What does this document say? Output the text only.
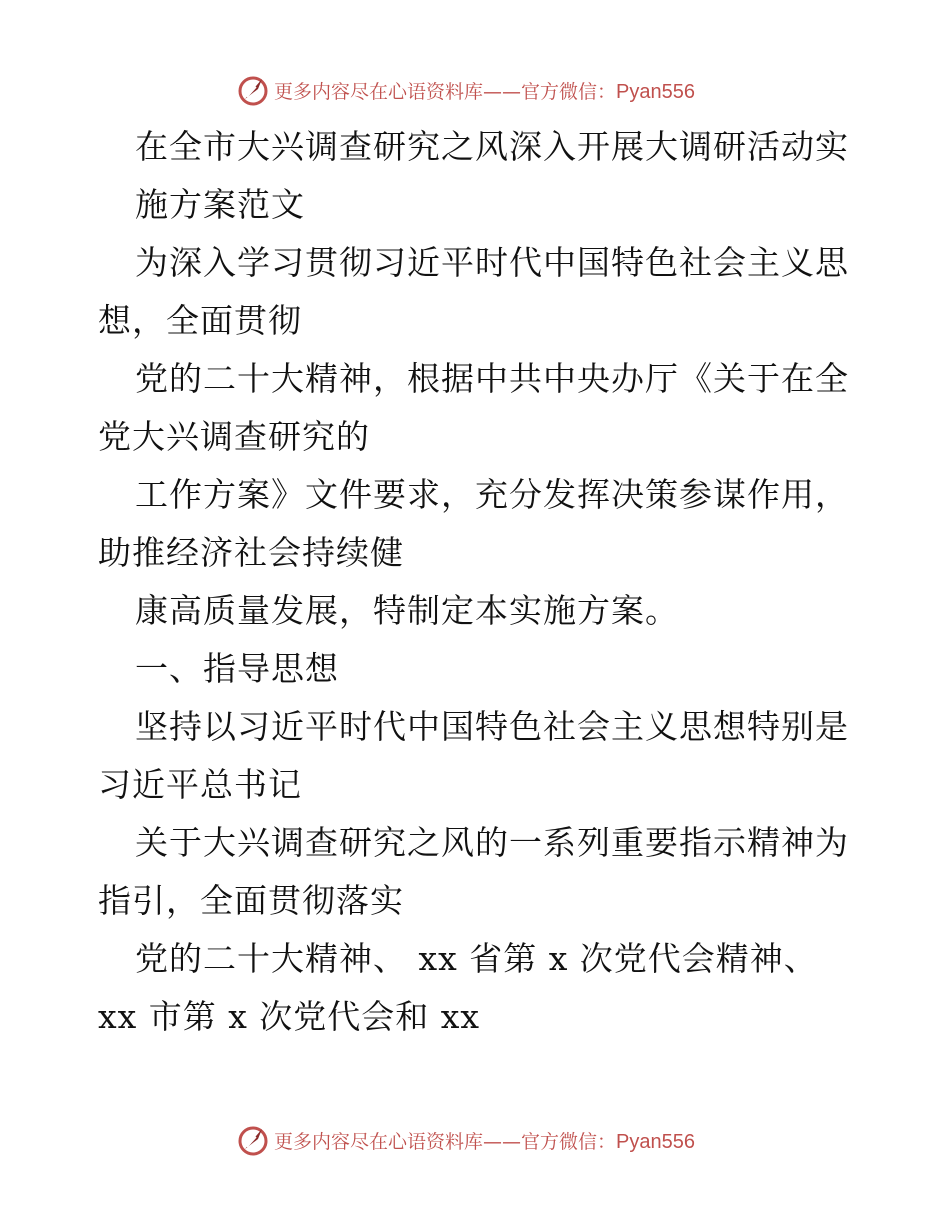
更多内容尽在心语资料库——官方微信：Pyan556
在全市大兴调查研究之风深入开展大调研活动实
施方案范文
为深入学习贯彻习近平时代中国特色社会主义思
想，全面贯彻
党的二十大精神，根据中共中央办厅《关于在全
党大兴调查研究的
工作方案》文件要求，充分发挥决策参谋作用，
助推经济社会持续健
康高质量发展，特制定本实施方案。
一、指导思想
坚持以习近平时代中国特色社会主义思想特别是
习近平总书记
关于大兴调查研究之风的一系列重要指示精神为
指引，全面贯彻落实
党的二十大精神、 xx 省第 x 次党代会精神、
xx 市第 x 次党代会和 xx
更多内容尽在心语资料库——官方微信：Pyan556
